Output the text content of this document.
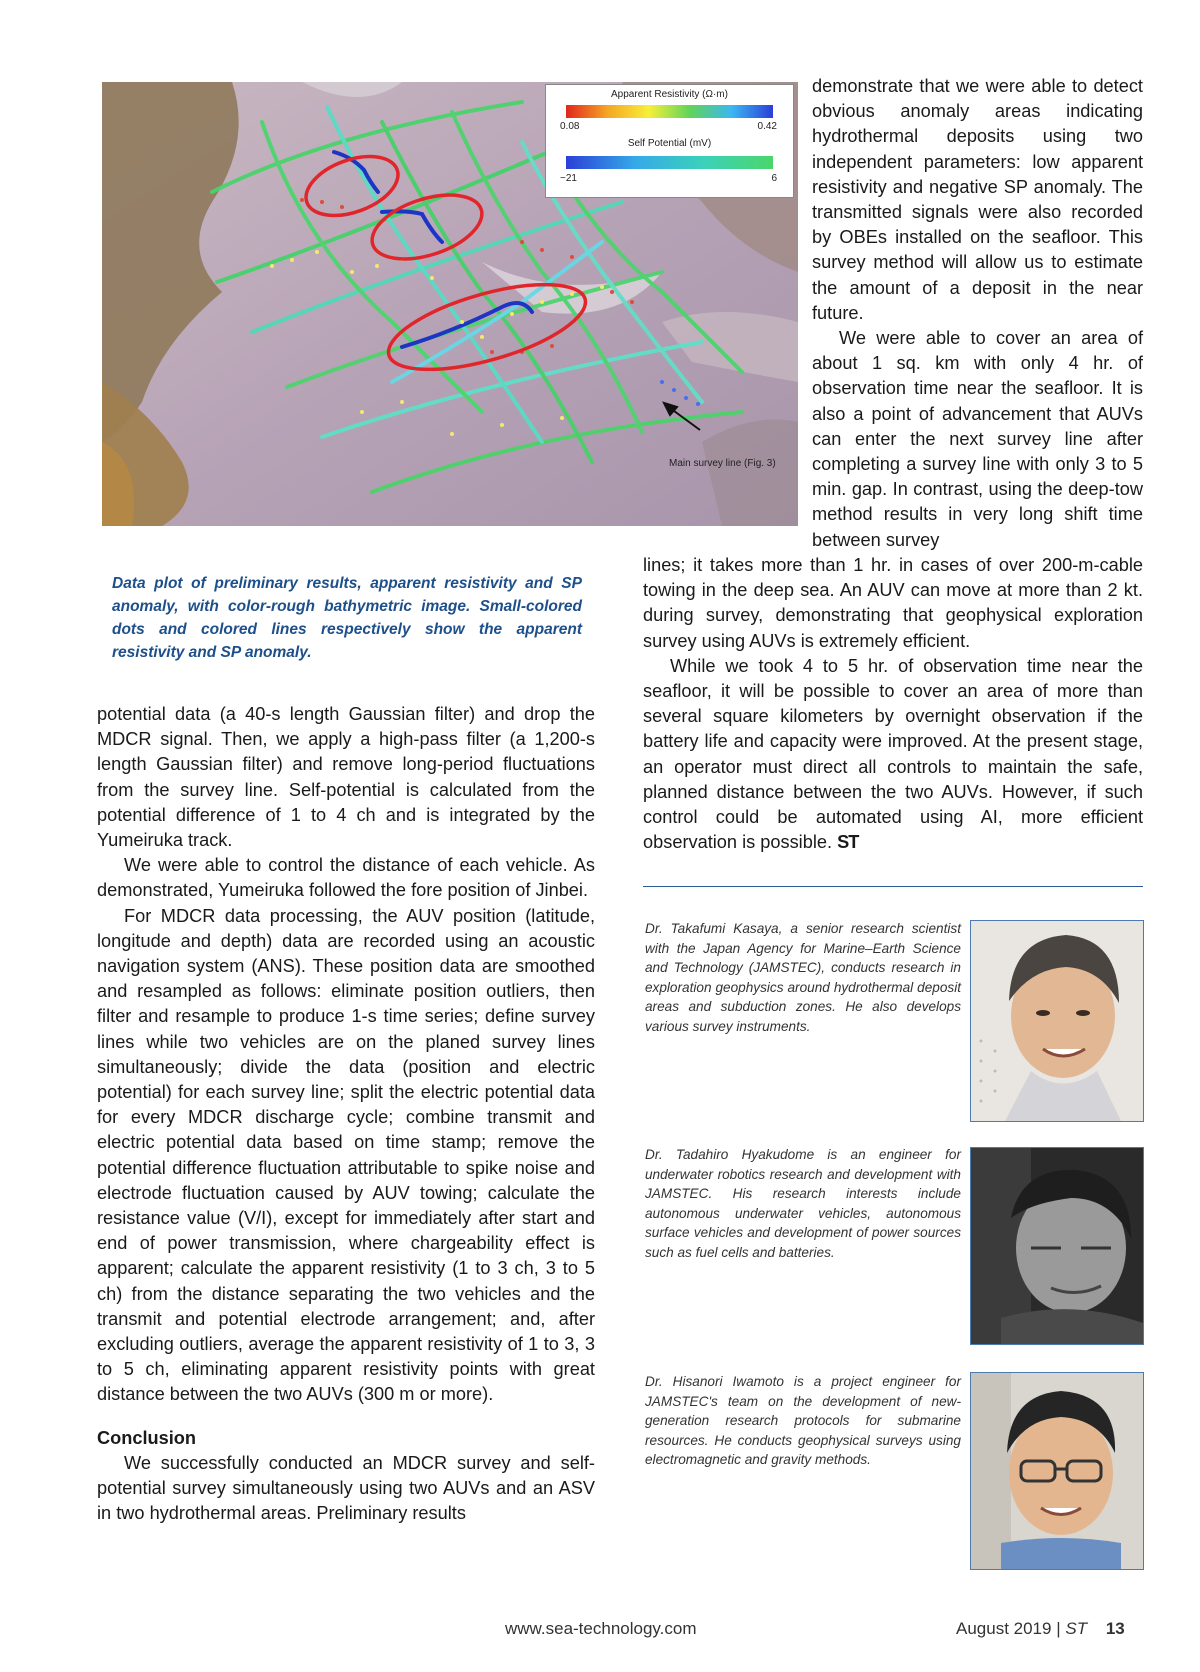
Apparent Resistivity (Ω·m)
0.08	0.42
Self Potential (mV)
−21	6
Main survey line (Fig. 3)

Data plot of preliminary results, apparent resistivity and SP anomaly, with color-rough bathymetric image. Small-colored dots and colored lines respectively show the apparent resistivity and SP anomaly.

potential data (a 40-s length Gaussian filter) and drop the MDCR signal. Then, we apply a high-pass filter (a 1,200-s length Gaussian filter) and remove long-period fluctuations from the survey line. Self-potential is calculated from the potential difference of 1 to 4 ch and is integrated by the Yumeiruka track.

We were able to control the distance of each vehicle. As demonstrated, Yumeiruka followed the fore position of Jinbei.

For MDCR data processing, the AUV position (latitude, longitude and depth) data are recorded using an acoustic navigation system (ANS). These position data are smoothed and resampled as follows: eliminate position outliers, then filter and resample to produce 1-s time series; define survey lines while two vehicles are on the planed survey lines simultaneously; divide the data (position and electric potential) for each survey line; split the electric potential data for every MDCR discharge cycle; combine transmit and electric potential data based on time stamp; remove the potential difference fluctuation attributable to spike noise and electrode fluctuation caused by AUV towing; calculate the resistance value (V/I), except for immediately after start and end of power transmission, where chargeability effect is apparent; calculate the apparent resistivity (1 to 3 ch, 3 to 5 ch) from the distance separating the two vehicles and the transmit and potential electrode arrangement; and, after excluding outliers, average the apparent resistivity of 1 to 3, 3 to 5 ch, eliminating apparent resistivity points with great distance between the two AUVs (300 m or more).

Conclusion

We successfully conducted an MDCR survey and self-potential survey simultaneously using two AUVs and an ASV in two hydrothermal areas. Preliminary results

demonstrate that we were able to detect obvious anomaly areas indicating hydrothermal deposits using two independent parameters: low apparent resistivity and negative SP anomaly. The transmitted signals were also recorded by OBEs installed on the seafloor. This survey method will allow us to estimate the amount of a deposit in the near future.

We were able to cover an area of about 1 sq. km with only 4 hr. of observation time near the seafloor. It is also a point of advancement that AUVs can enter the next survey line after completing a survey line with only 3 to 5 min. gap. In contrast, using the deep-tow method results in very long shift time between survey

lines; it takes more than 1 hr. in cases of over 200-m-cable towing in the deep sea. An AUV can move at more than 2 kt. during survey, demonstrating that geophysical exploration survey using AUVs is extremely efficient.

While we took 4 to 5 hr. of observation time near the seafloor, it will be possible to cover an area of more than several square kilometers by overnight observation if the battery life and capacity were improved. At the present stage, an operator must direct all controls to maintain the safe, planned distance between the two AUVs. However, if such control could be automated using AI, more efficient observation is possible. ST

Dr. Takafumi Kasaya, a senior research scientist with the Japan Agency for Marine–Earth Science and Technology (JAMSTEC), conducts research in exploration geophysics around hydrothermal deposit areas and subduction zones. He also develops various survey instruments.
Dr. Tadahiro Hyakudome is an engineer for underwater robotics research and development with JAMSTEC. His research interests include autonomous underwater vehicles, autonomous surface vehicles and development of power sources such as fuel cells and batteries.
Dr. Hisanori Iwamoto is a project engineer for JAMSTEC's team on the development of new-generation research protocols for submarine resources. He conducts geophysical surveys using electromagnetic and gravity methods.
www.sea-technology.com	August 2019 | ST 13
